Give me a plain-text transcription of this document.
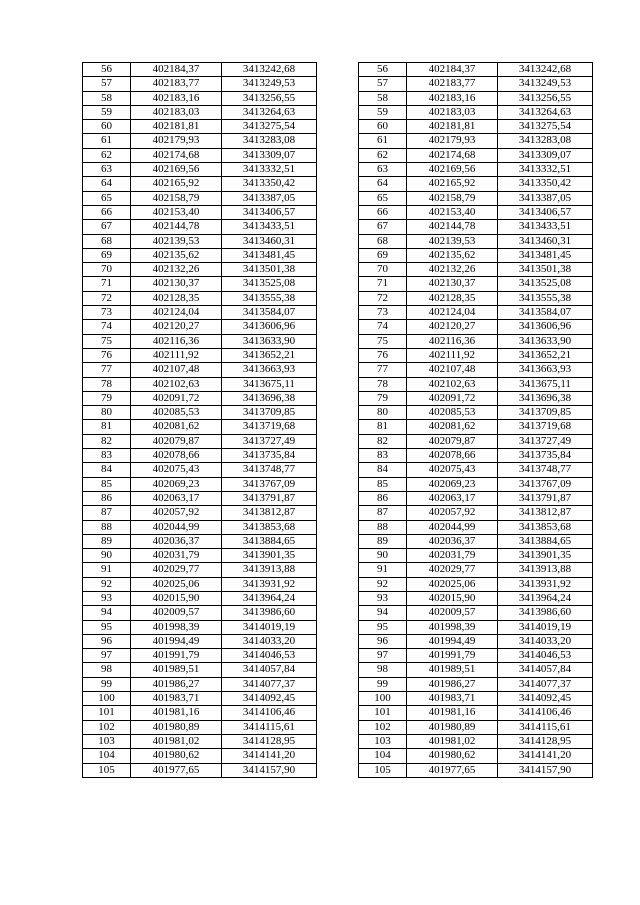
56	402184,37	3413242,68		56	402184,37	3413242,68
57	402183,77	3413249,53		57	402183,77	3413249,53
58	402183,16	3413256,55		58	402183,16	3413256,55
59	402183,03	3413264,63		59	402183,03	3413264,63
60	402181,81	3413275,54		60	402181,81	3413275,54
61	402179,93	3413283,08		61	402179,93	3413283,08
62	402174,68	3413309,07		62	402174,68	3413309,07
63	402169,56	3413332,51		63	402169,56	3413332,51
64	402165,92	3413350,42		64	402165,92	3413350,42
65	402158,79	3413387,05		65	402158,79	3413387,05
66	402153,40	3413406,57		66	402153,40	3413406,57
67	402144,78	3413433,51		67	402144,78	3413433,51
68	402139,53	3413460,31		68	402139,53	3413460,31
69	402135,62	3413481,45		69	402135,62	3413481,45
70	402132,26	3413501,38		70	402132,26	3413501,38
71	402130,37	3413525,08		71	402130,37	3413525,08
72	402128,35	3413555,38		72	402128,35	3413555,38
73	402124,04	3413584,07		73	402124,04	3413584,07
74	402120,27	3413606,96		74	402120,27	3413606,96
75	402116,36	3413633,90		75	402116,36	3413633,90
76	402111,92	3413652,21		76	402111,92	3413652,21
77	402107,48	3413663,93		77	402107,48	3413663,93
78	402102,63	3413675,11		78	402102,63	3413675,11
79	402091,72	3413696,38		79	402091,72	3413696,38
80	402085,53	3413709,85		80	402085,53	3413709,85
81	402081,62	3413719,68		81	402081,62	3413719,68
82	402079,87	3413727,49		82	402079,87	3413727,49
83	402078,66	3413735,84		83	402078,66	3413735,84
84	402075,43	3413748,77		84	402075,43	3413748,77
85	402069,23	3413767,09		85	402069,23	3413767,09
86	402063,17	3413791,87		86	402063,17	3413791,87
87	402057,92	3413812,87		87	402057,92	3413812,87
88	402044,99	3413853,68		88	402044,99	3413853,68
89	402036,37	3413884,65		89	402036,37	3413884,65
90	402031,79	3413901,35		90	402031,79	3413901,35
91	402029,77	3413913,88		91	402029,77	3413913,88
92	402025,06	3413931,92		92	402025,06	3413931,92
93	402015,90	3413964,24		93	402015,90	3413964,24
94	402009,57	3413986,60		94	402009,57	3413986,60
95	401998,39	3414019,19		95	401998,39	3414019,19
96	401994,49	3414033,20		96	401994,49	3414033,20
97	401991,79	3414046,53		97	401991,79	3414046,53
98	401989,51	3414057,84		98	401989,51	3414057,84
99	401986,27	3414077,37		99	401986,27	3414077,37
100	401983,71	3414092,45		100	401983,71	3414092,45
101	401981,16	3414106,46		101	401981,16	3414106,46
102	401980,89	3414115,61		102	401980,89	3414115,61
103	401981,02	3414128,95		103	401981,02	3414128,95
104	401980,62	3414141,20		104	401980,62	3414141,20
105	401977,65	3414157,90		105	401977,65	3414157,90
